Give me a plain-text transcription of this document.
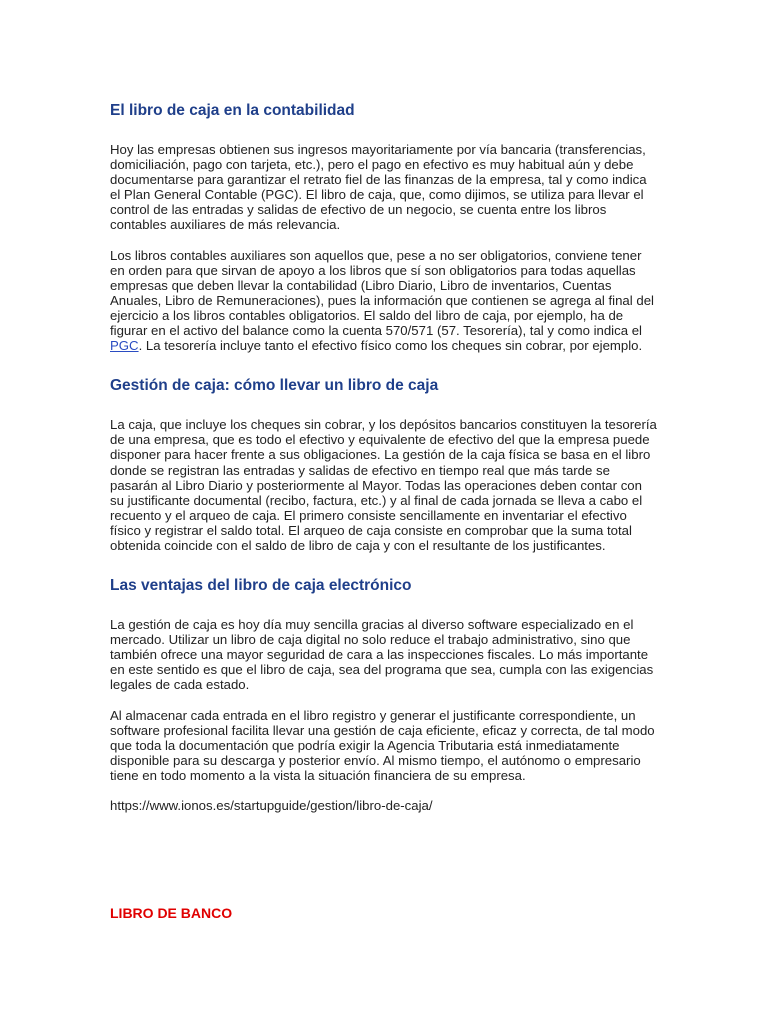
El libro de caja en la contabilidad

Hoy las empresas obtienen sus ingresos mayoritariamente por vía bancaria (transferencias, domiciliación, pago con tarjeta, etc.), pero el pago en efectivo es muy habitual aún y debe documentarse para garantizar el retrato fiel de las finanzas de la empresa, tal y como indica el Plan General Contable (PGC). El libro de caja, que, como dijimos, se utiliza para llevar el control de las entradas y salidas de efectivo de un negocio, se cuenta entre los libros contables auxiliares de más relevancia.

Los libros contables auxiliares son aquellos que, pese a no ser obligatorios, conviene tener en orden para que sirvan de apoyo a los libros que sí son obligatorios para todas aquellas empresas que deben llevar la contabilidad (Libro Diario, Libro de inventarios, Cuentas Anuales, Libro de Remuneraciones), pues la información que contienen se agrega al final del ejercicio a los libros contables obligatorios. El saldo del libro de caja, por ejemplo, ha de figurar en el activo del balance como la cuenta 570/571 (57. Tesorería), tal y como indica el PGC. La tesorería incluye tanto el efectivo físico como los cheques sin cobrar, por ejemplo.

Gestión de caja: cómo llevar un libro de caja

La caja, que incluye los cheques sin cobrar, y los depósitos bancarios constituyen la tesorería de una empresa, que es todo el efectivo y equivalente de efectivo del que la empresa puede disponer para hacer frente a sus obligaciones. La gestión de la caja física se basa en el libro donde se registran las entradas y salidas de efectivo en tiempo real que más tarde se pasarán al Libro Diario y posteriormente al Mayor. Todas las operaciones deben contar con su justificante documental (recibo, factura, etc.) y al final de cada jornada se lleva a cabo el recuento y el arqueo de caja. El primero consiste sencillamente en inventariar el efectivo físico y registrar el saldo total. El arqueo de caja consiste en comprobar que la suma total obtenida coincide con el saldo de libro de caja y con el resultante de los justificantes.

Las ventajas del libro de caja electrónico

La gestión de caja es hoy día muy sencilla gracias al diverso software especializado en el mercado. Utilizar un libro de caja digital no solo reduce el trabajo administrativo, sino que también ofrece una mayor seguridad de cara a las inspecciones fiscales. Lo más importante en este sentido es que el libro de caja, sea del programa que sea, cumpla con las exigencias legales de cada estado.

Al almacenar cada entrada en el libro registro y generar el justificante correspondiente, un software profesional facilita llevar una gestión de caja eficiente, eficaz y correcta, de tal modo que toda la documentación que podría exigir la Agencia Tributaria está inmediatamente disponible para su descarga y posterior envío. Al mismo tiempo, el autónomo o empresario tiene en todo momento a la vista la situación financiera de su empresa.

https://www.ionos.es/startupguide/gestion/libro-de-caja/

LIBRO DE BANCO
